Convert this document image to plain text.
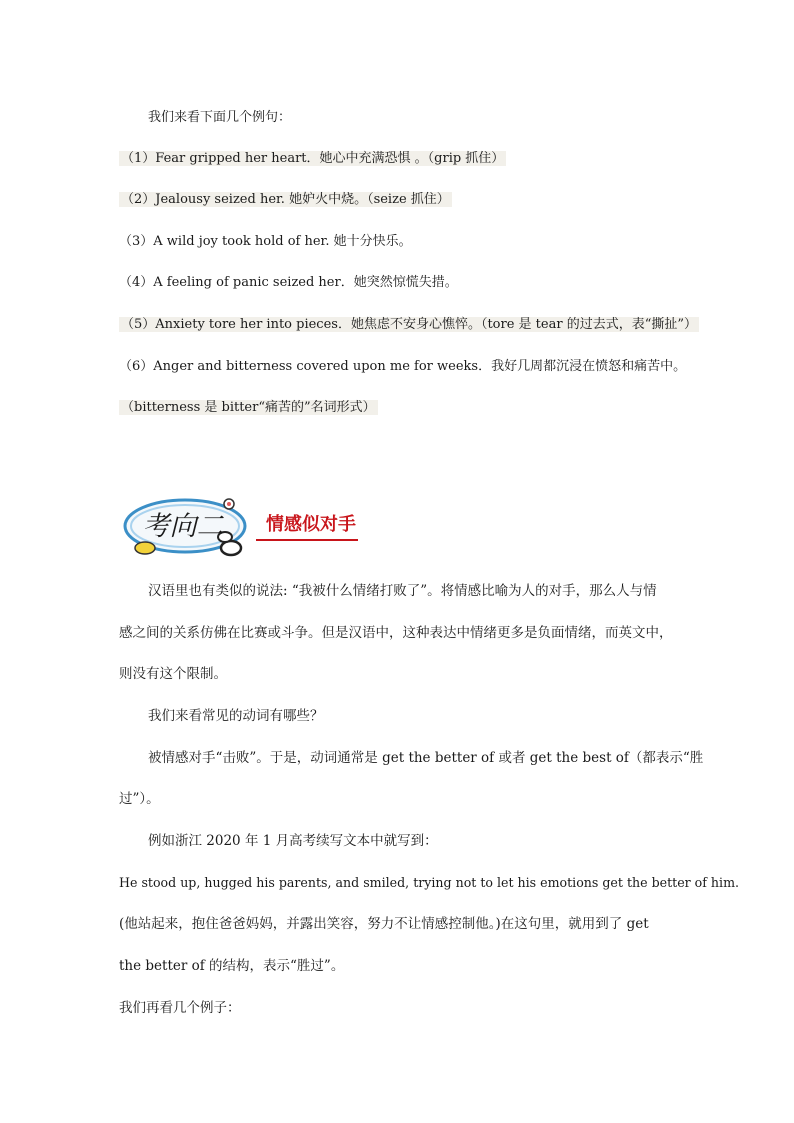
我们来看下面几个例句：
（1）Fear gripped her heart．她心中充满恐惧 。（grip 抓住）
（2）Jealousy seized her. 她妒火中烧。（seize 抓住）
（3）A wild joy took hold of her. 她十分快乐。
（4）A feeling of panic seized her．她突然惊慌失措。
（5）Anxiety tore her into pieces．她焦虑不安身心憔悴。（tore 是 tear 的过去式，表“撕扯”）
（6）Anger and bitterness covered upon me for weeks．我好几周都沉浸在愤怒和痛苦中。
（bitterness 是 bitter“痛苦的”名词形式）
考向二	情感似对手
汉语里也有类似的说法: “我被什么情绪打败了”。将情感比喻为人的对手，那么人与情
感之间的关系仿佛在比赛或斗争。但是汉语中，这种表达中情绪更多是负面情绪，而英文中，
则没有这个限制。
我们来看常见的动词有哪些？
被情感对手“击败”。于是，动词通常是 get the better of 或者 get the best of（都表示“胜
过”）。
例如浙江 2020 年 1 月高考续写文本中就写到：
He stood up, hugged his parents, and smiled, trying not to let his emotions get the better of him.
(他站起来，抱住爸爸妈妈，并露出笑容，努力不让情感控制他。)在这句里，就用到了 get
the better of 的结构，表示“胜过”。
我们再看几个例子：
